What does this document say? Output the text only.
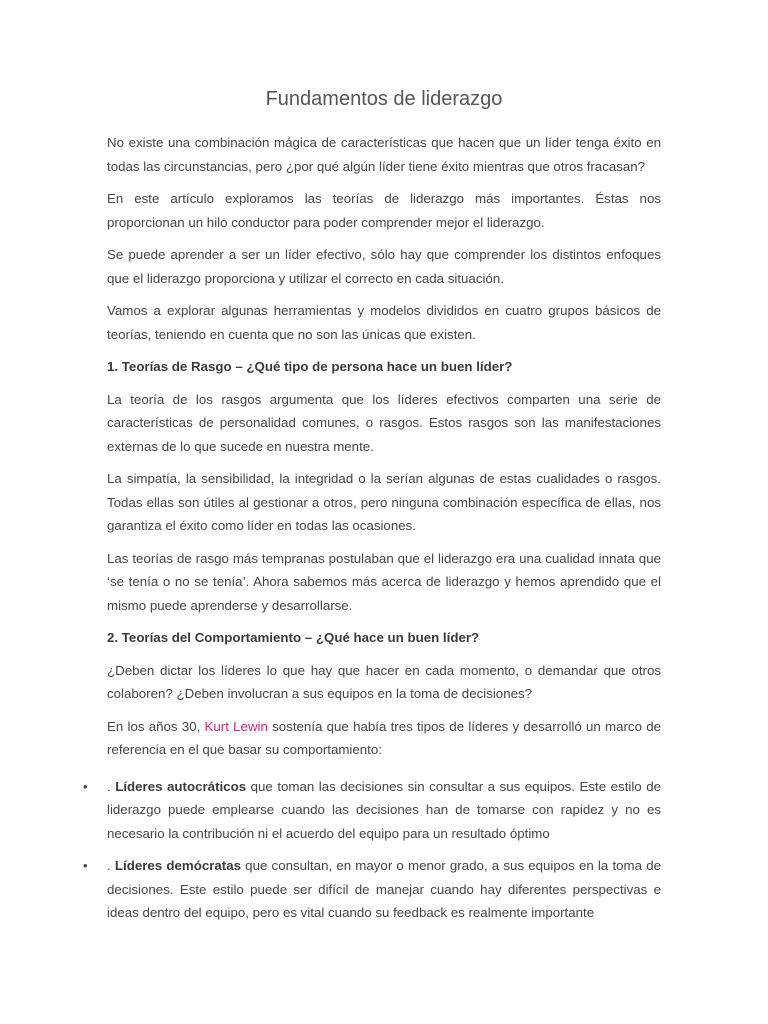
Fundamentos de liderazgo

No existe una combinación mágica de características que hacen que un líder tenga éxito en todas las circunstancias, pero ¿por qué algún líder tiene éxito mientras que otros fracasan?

En este artículo exploramos las teorías de liderazgo más importantes. Éstas nos proporcionan un hilo conductor para poder comprender mejor el liderazgo.

Se puede aprender a ser un líder efectivo, sólo hay que comprender los distintos enfoques que el liderazgo proporciona y utilizar el correcto en cada situación.

Vamos a explorar algunas herramientas y modelos divididos en cuatro grupos básicos de teorías, teniendo en cuenta que no son las únicas que existen.

1. Teorías de Rasgo – ¿Qué tipo de persona hace un buen líder?

La teoría de los rasgos argumenta que los líderes efectivos comparten una serie de características de personalidad comunes, o rasgos. Estos rasgos son las manifestaciones externas de lo que sucede en nuestra mente.

La simpatía, la sensibilidad, la integridad o la serían algunas de estas cualidades o rasgos. Todas ellas son útiles al gestionar a otros, pero ninguna combinación específica de ellas, nos garantiza el éxito como líder en todas las ocasiones.

Las teorías de rasgo más tempranas postulaban que el liderazgo era una cualidad innata que ‘se tenía o no se tenía’. Ahora sabemos más acerca de liderazgo y hemos aprendido que el mismo puede aprenderse y desarrollarse.

2. Teorías del Comportamiento – ¿Qué hace un buen líder?

¿Deben dictar los líderes lo que hay que hacer en cada momento, o demandar que otros colaboren? ¿Deben involucran a sus equipos en la toma de decisiones?

En los años 30, Kurt Lewin sostenía que había tres tipos de líderes y desarrolló un marco de referencia en el que basar su comportamiento:

• . Líderes autocráticos que toman las decisiones sin consultar a sus equipos. Este estilo de liderazgo puede emplearse cuando las decisiones han de tomarse con rapidez y no es necesario la contribución ni el acuerdo del equipo para un resultado óptimo

• . Líderes demócratas que consultan, en mayor o menor grado, a sus equipos en la toma de decisiones. Este estilo puede ser difícil de manejar cuando hay diferentes perspectivas e ideas dentro del equipo, pero es vital cuando su feedback es realmente importante
